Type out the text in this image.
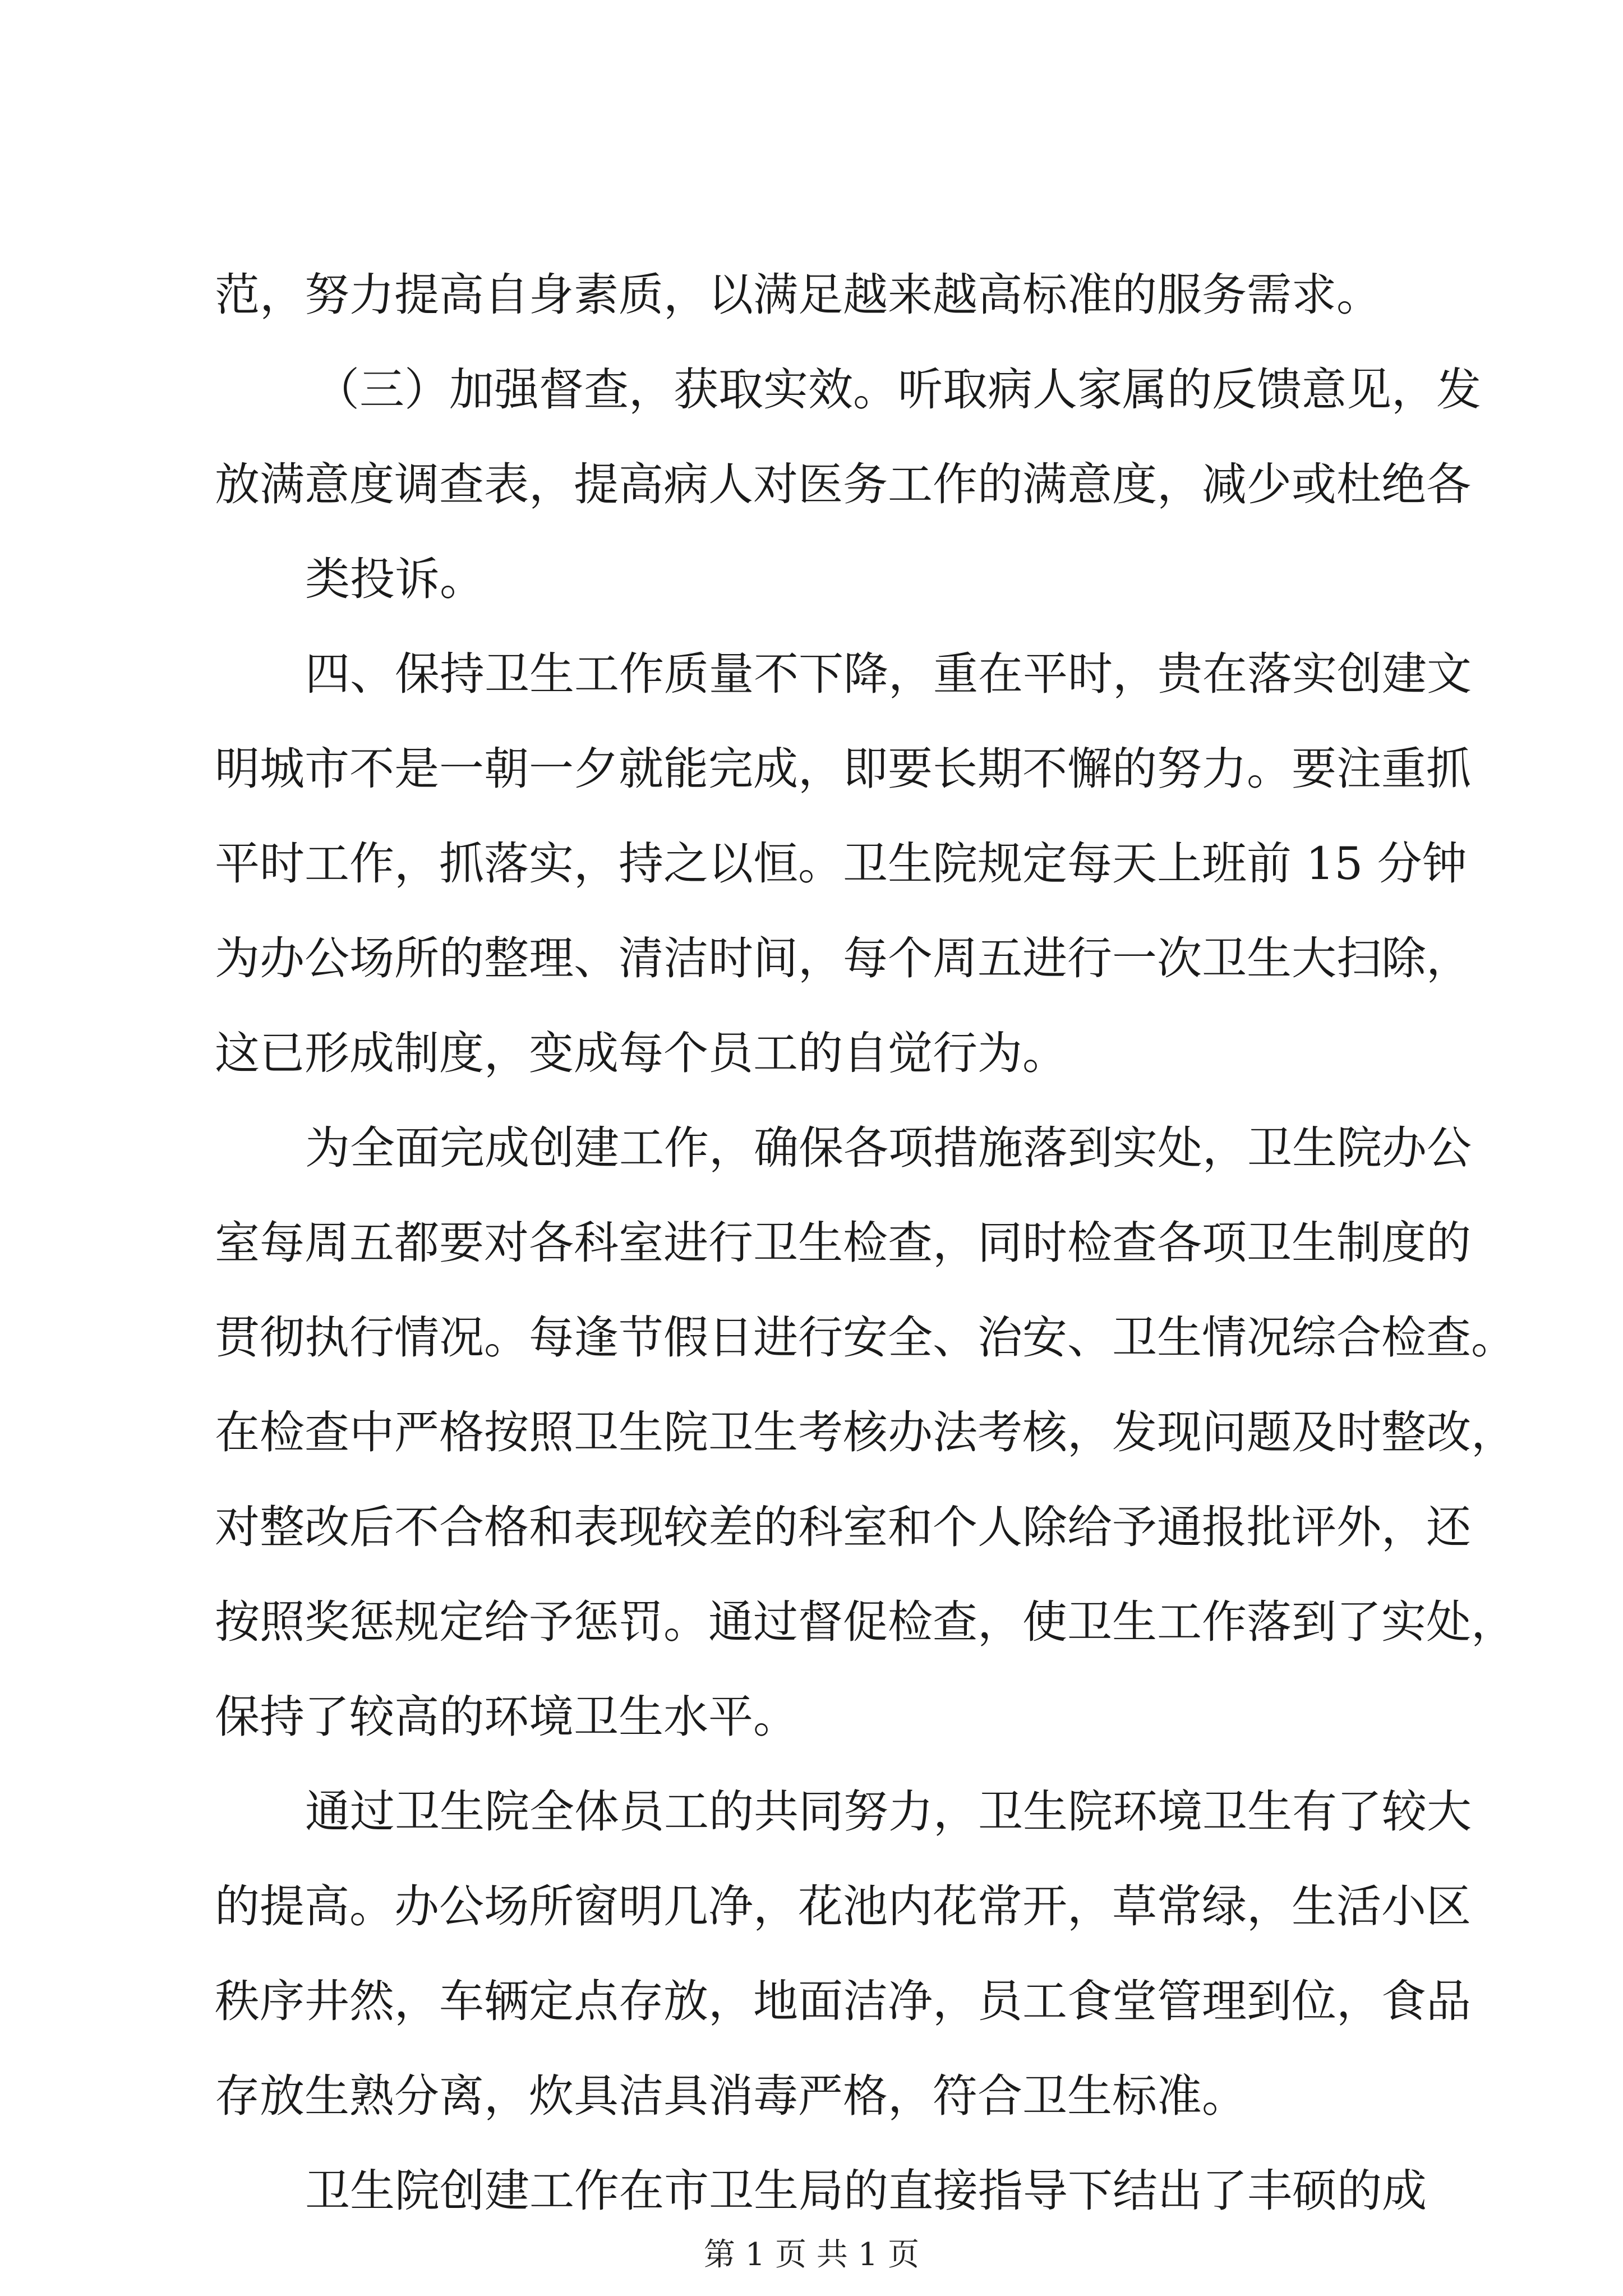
范，努力提高自身素质，以满足越来越高标准的服务需求。
（三）加强督查，获取实效。听取病人家属的反馈意见，发
放满意度调查表，提高病人对医务工作的满意度，减少或杜绝各
类投诉。
四、保持卫生工作质量不下降，重在平时，贵在落实创建文
明城市不是一朝一夕就能完成，即要长期不懈的努力。要注重抓
平时工作，抓落实，持之以恒。卫生院规定每天上班前 15 分钟
为办公场所的整理、清洁时间，每个周五进行一次卫生大扫除，
这已形成制度，变成每个员工的自觉行为。
为全面完成创建工作，确保各项措施落到实处，卫生院办公
室每周五都要对各科室进行卫生检查，同时检查各项卫生制度的
贯彻执行情况。每逢节假日进行安全、治安、卫生情况综合检查。
在检查中严格按照卫生院卫生考核办法考核，发现问题及时整改，
对整改后不合格和表现较差的科室和个人除给予通报批评外，还
按照奖惩规定给予惩罚。通过督促检查，使卫生工作落到了实处，
保持了较高的环境卫生水平。
通过卫生院全体员工的共同努力，卫生院环境卫生有了较大
的提高。办公场所窗明几净，花池内花常开，草常绿，生活小区
秩序井然，车辆定点存放，地面洁净，员工食堂管理到位，食品
存放生熟分离，炊具洁具消毒严格，符合卫生标准。
卫生院创建工作在市卫生局的直接指导下结出了丰硕的成
第 1 页 共 1 页
